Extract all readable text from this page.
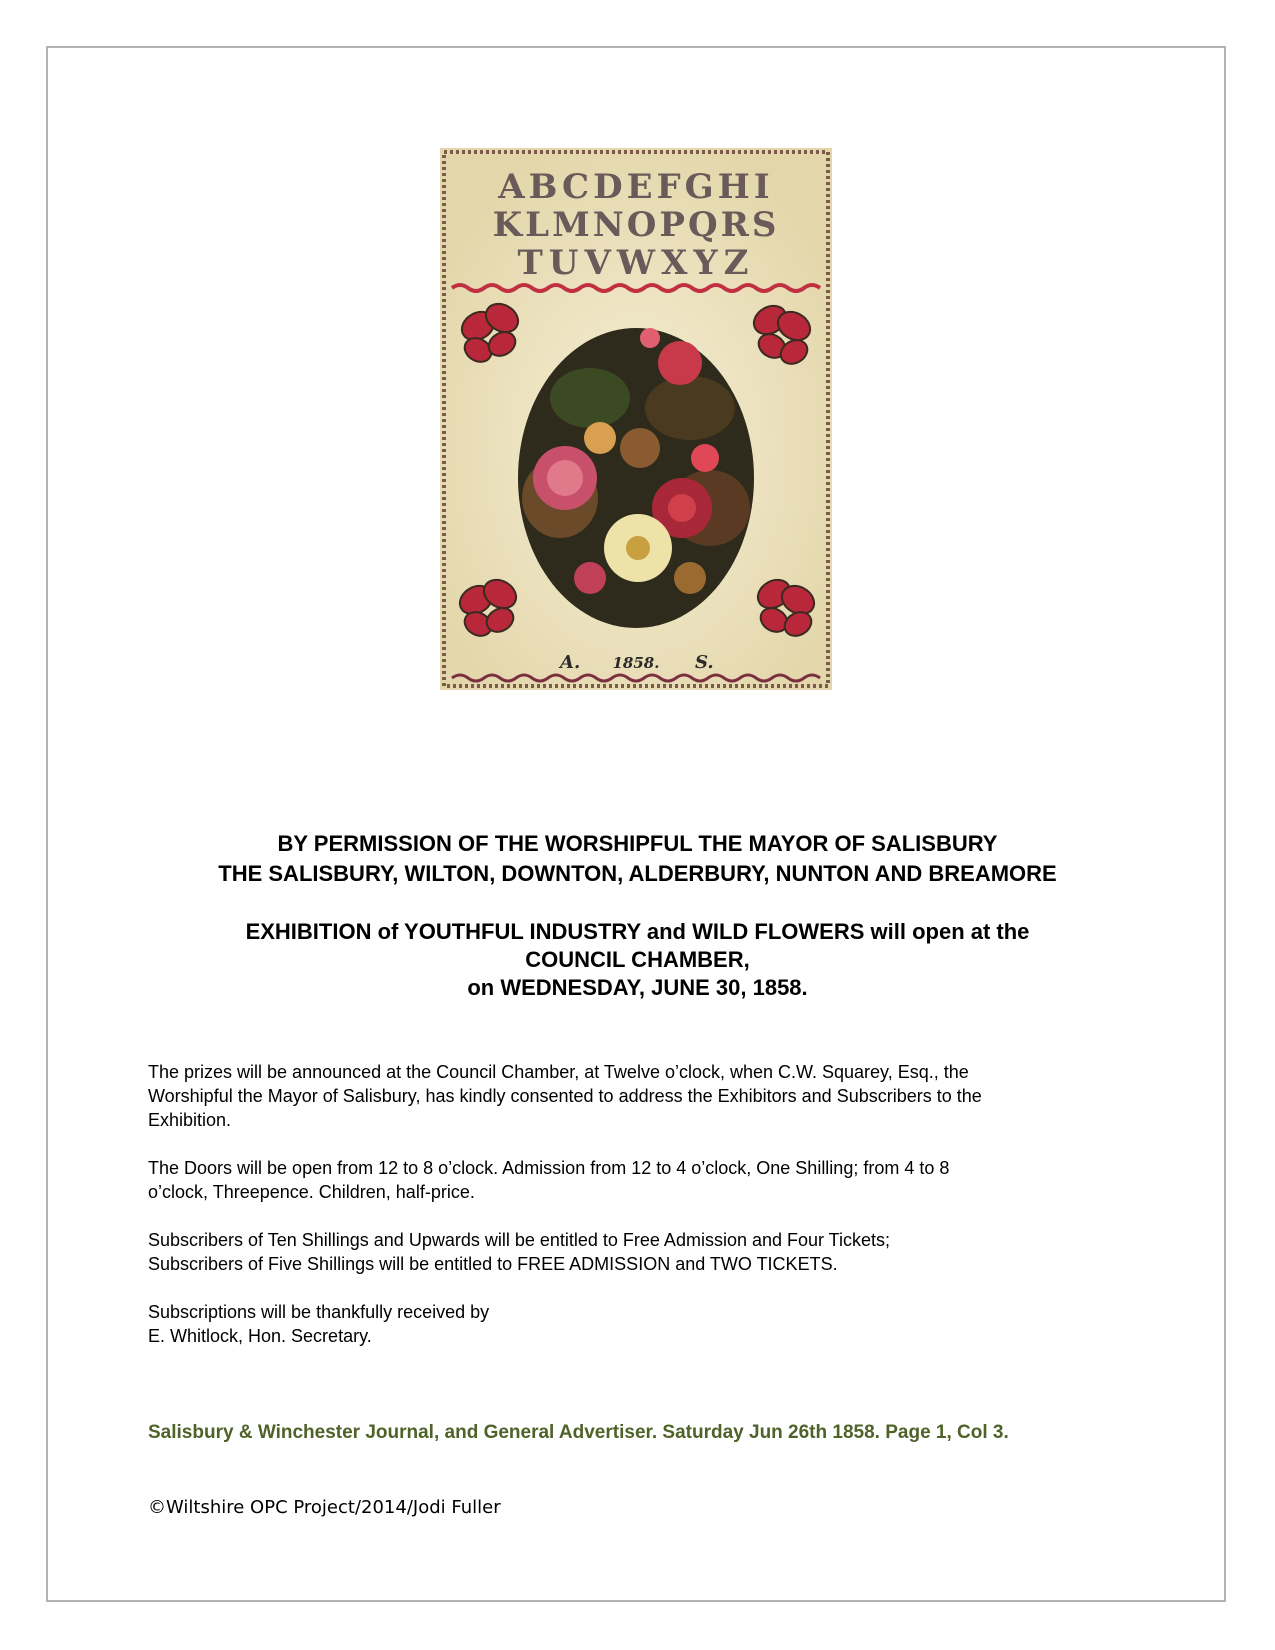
ABCDEFGHI
KLMNOPQRS
TUVWXYZ
A. 1858. S.

BY PERMISSION OF THE WORSHIPFUL THE MAYOR OF SALISBURY

THE SALISBURY, WILTON, DOWNTON, ALDERBURY, NUNTON AND BREAMORE

EXHIBITION of YOUTHFUL INDUSTRY and WILD FLOWERS will open at the

COUNCIL CHAMBER,

on WEDNESDAY, JUNE 30, 1858.

The prizes will be announced at the Council Chamber, at Twelve o’clock, when C.W. Squarey, Esq., the
Worshipful the Mayor of Salisbury, has kindly consented to address the Exhibitors and Subscribers to the
Exhibition.
The Doors will be open from 12 to 8 o’clock. Admission from 12 to 4 o’clock, One Shilling; from 4 to 8
o’clock, Threepence. Children, half-price.
Subscribers of Ten Shillings and Upwards will be entitled to Free Admission and Four Tickets;
Subscribers of Five Shillings will be entitled to FREE ADMISSION and TWO TICKETS.
Subscriptions will be thankfully received by
E. Whitlock, Hon. Secretary.

Salisbury & Winchester Journal, and General Advertiser. Saturday Jun 26th 1858. Page 1, Col 3.

©Wiltshire OPC Project/2014/Jodi Fuller
